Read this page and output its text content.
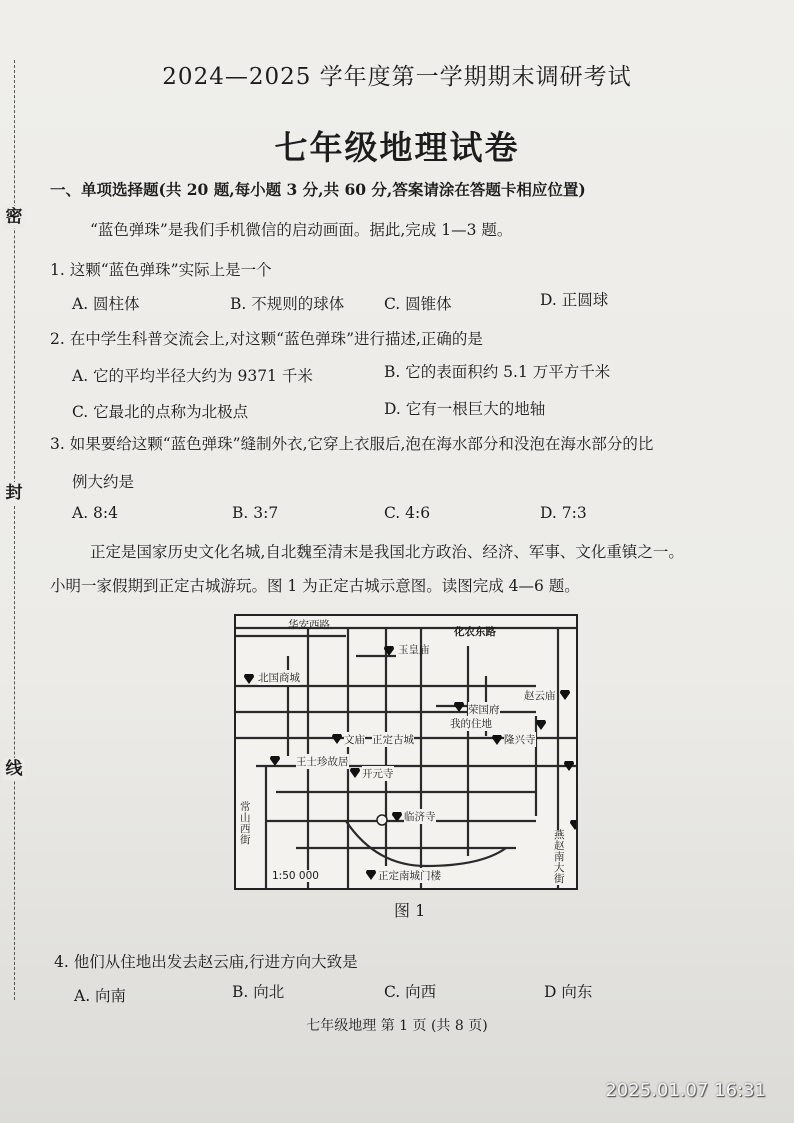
密
封
线
2024—2025 学年度第一学期期末调研考试
七年级地理试卷
一、单项选择题(共 20 题,每小题 3 分,共 60 分,答案请涂在答题卡相应位置)
“蓝色弹珠”是我们手机微信的启动画面。据此,完成 1—3 题。
1. 这颗“蓝色弹珠”实际上是一个
A. 圆柱体	B. 不规则的球体	C. 圆锥体	D. 正圆球
2. 在中学生科普交流会上,对这颗“蓝色弹珠”进行描述,正确的是
A. 它的平均半径大约为 9371 千米	B. 它的表面积约 5.1 万平方千米
C. 它最北的点称为北极点	D. 它有一根巨大的地轴
3. 如果要给这颗“蓝色弹珠”缝制外衣,它穿上衣服后,泡在海水部分和没泡在海水部分的比
例大约是
A. 8:4	B. 3:7	C. 4:6	D. 7:3
正定是国家历史文化名城,自北魏至清末是我国北方政治、经济、军事、文化重镇之一。
小明一家假期到正定古城游玩。图 1 为正定古城示意图。读图完成 4—6 题。
华安西路
化农东路
玉皇庙
北国商城
赵云庙
荣国府
我的住地
隆兴寺
文庙 正定古城
王士珍故居
开元寺
临济寺
常山西街	燕赵南大街
1:50 000	正定南城门楼
图 1
4. 他们从住地出发去赵云庙,行进方向大致是
A. 向南	B. 向北	C. 向西	D 向东
七年级地理 第 1 页 (共 8 页)
2025.01.07 16:31
